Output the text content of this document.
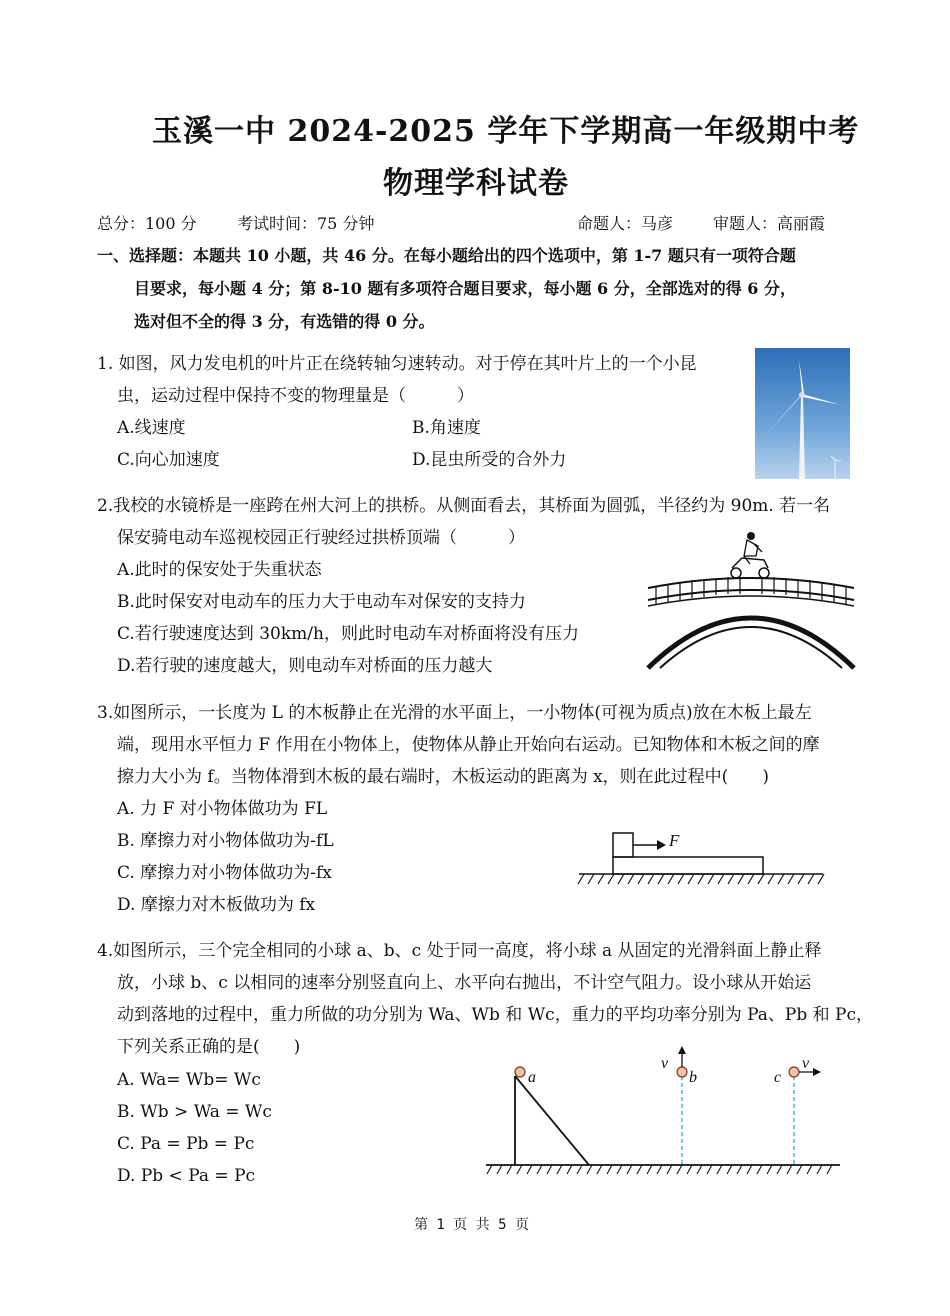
玉溪一中 2024-2025 学年下学期高一年级期中考
物理学科试卷
总分：100 分	考试时间：75 分钟	命题人：马彦 审题人：高丽霞
一、选择题：本题共 10 小题，共 46 分。在每小题给出的四个选项中，第 1-7 题只有一项符合题
目要求，每小题 4 分；第 8-10 题有多项符合题目要求，每小题 6 分，全部选对的得 6 分，
选对但不全的得 3 分，有选错的得 0 分。
1. 如图，风力发电机的叶片正在绕转轴匀速转动。对于停在其叶片上的一个小昆
虫，运动过程中保持不变的物理量是（　　　）
A.线速度	B.角速度
C.向心加速度	D.昆虫所受的合外力
2.我校的水镜桥是一座跨在州大河上的拱桥。从侧面看去，其桥面为圆弧，半径约为 90m. 若一名
保安骑电动车巡视校园正行驶经过拱桥顶端（　　　）
A.此时的保安处于失重状态
B.此时保安对电动车的压力大于电动车对保安的支持力
C.若行驶速度达到 30km/h，则此时电动车对桥面将没有压力
D.若行驶的速度越大，则电动车对桥面的压力越大
3.如图所示，一长度为 L 的木板静止在光滑的水平面上，一小物体(可视为质点)放在木板上最左
端，现用水平恒力 F 作用在小物体上，使物体从静止开始向右运动。已知物体和木板之间的摩
擦力大小为 f。当物体滑到木板的最右端时，木板运动的距离为 x，则在此过程中(　　)
A. 力 F 对小物体做功为 FL
B. 摩擦力对小物体做功为-fL
C. 摩擦力对小物体做功为-fx
D. 摩擦力对木板做功为 fx
F
4.如图所示，三个完全相同的小球 a、b、c 处于同一高度，将小球 a 从固定的光滑斜面上静止释
放，小球 b、c 以相同的速率分别竖直向上、水平向右抛出，不计空气阻力。设小球从开始运
动到落地的过程中，重力所做的功分别为 Wa、Wb 和 Wc，重力的平均功率分别为 Pa、Pb 和 Pc，
下列关系正确的是(　　)
A. Wa= Wb= Wc
B. Wb > Wa = Wc
C. Pa = Pb = Pc
D. Pb < Pa = Pc
a	b
v
c
v
第 1 页 共 5 页
